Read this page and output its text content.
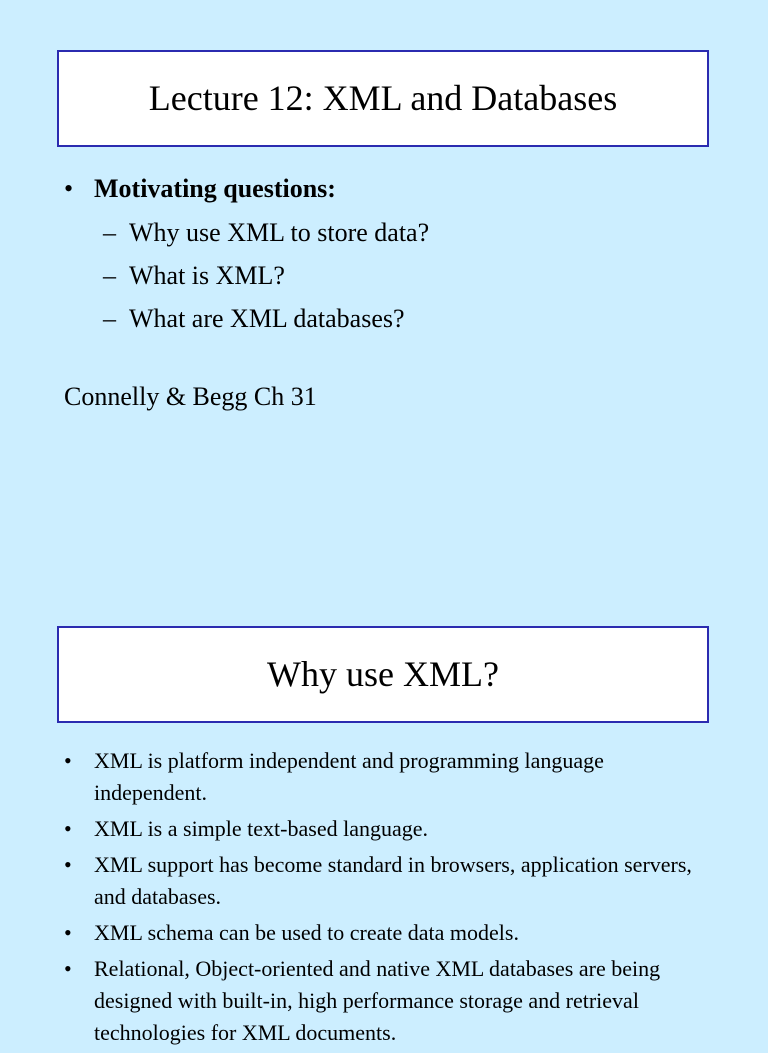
Lecture 12: XML and Databases
• Motivating questions:
– Why use XML to store data?
– What is XML?
– What are XML databases?
Connelly & Begg Ch 31
Why use XML?
•	XML is platform independent and programming language independent.
•	XML is a simple text-based language.
•	XML support has become standard in browsers, application servers, and databases.
•	XML schema can be used to create data models.
•	Relational, Object-oriented and native XML databases are being designed with built-in, high performance storage and retrieval technologies for XML documents.
